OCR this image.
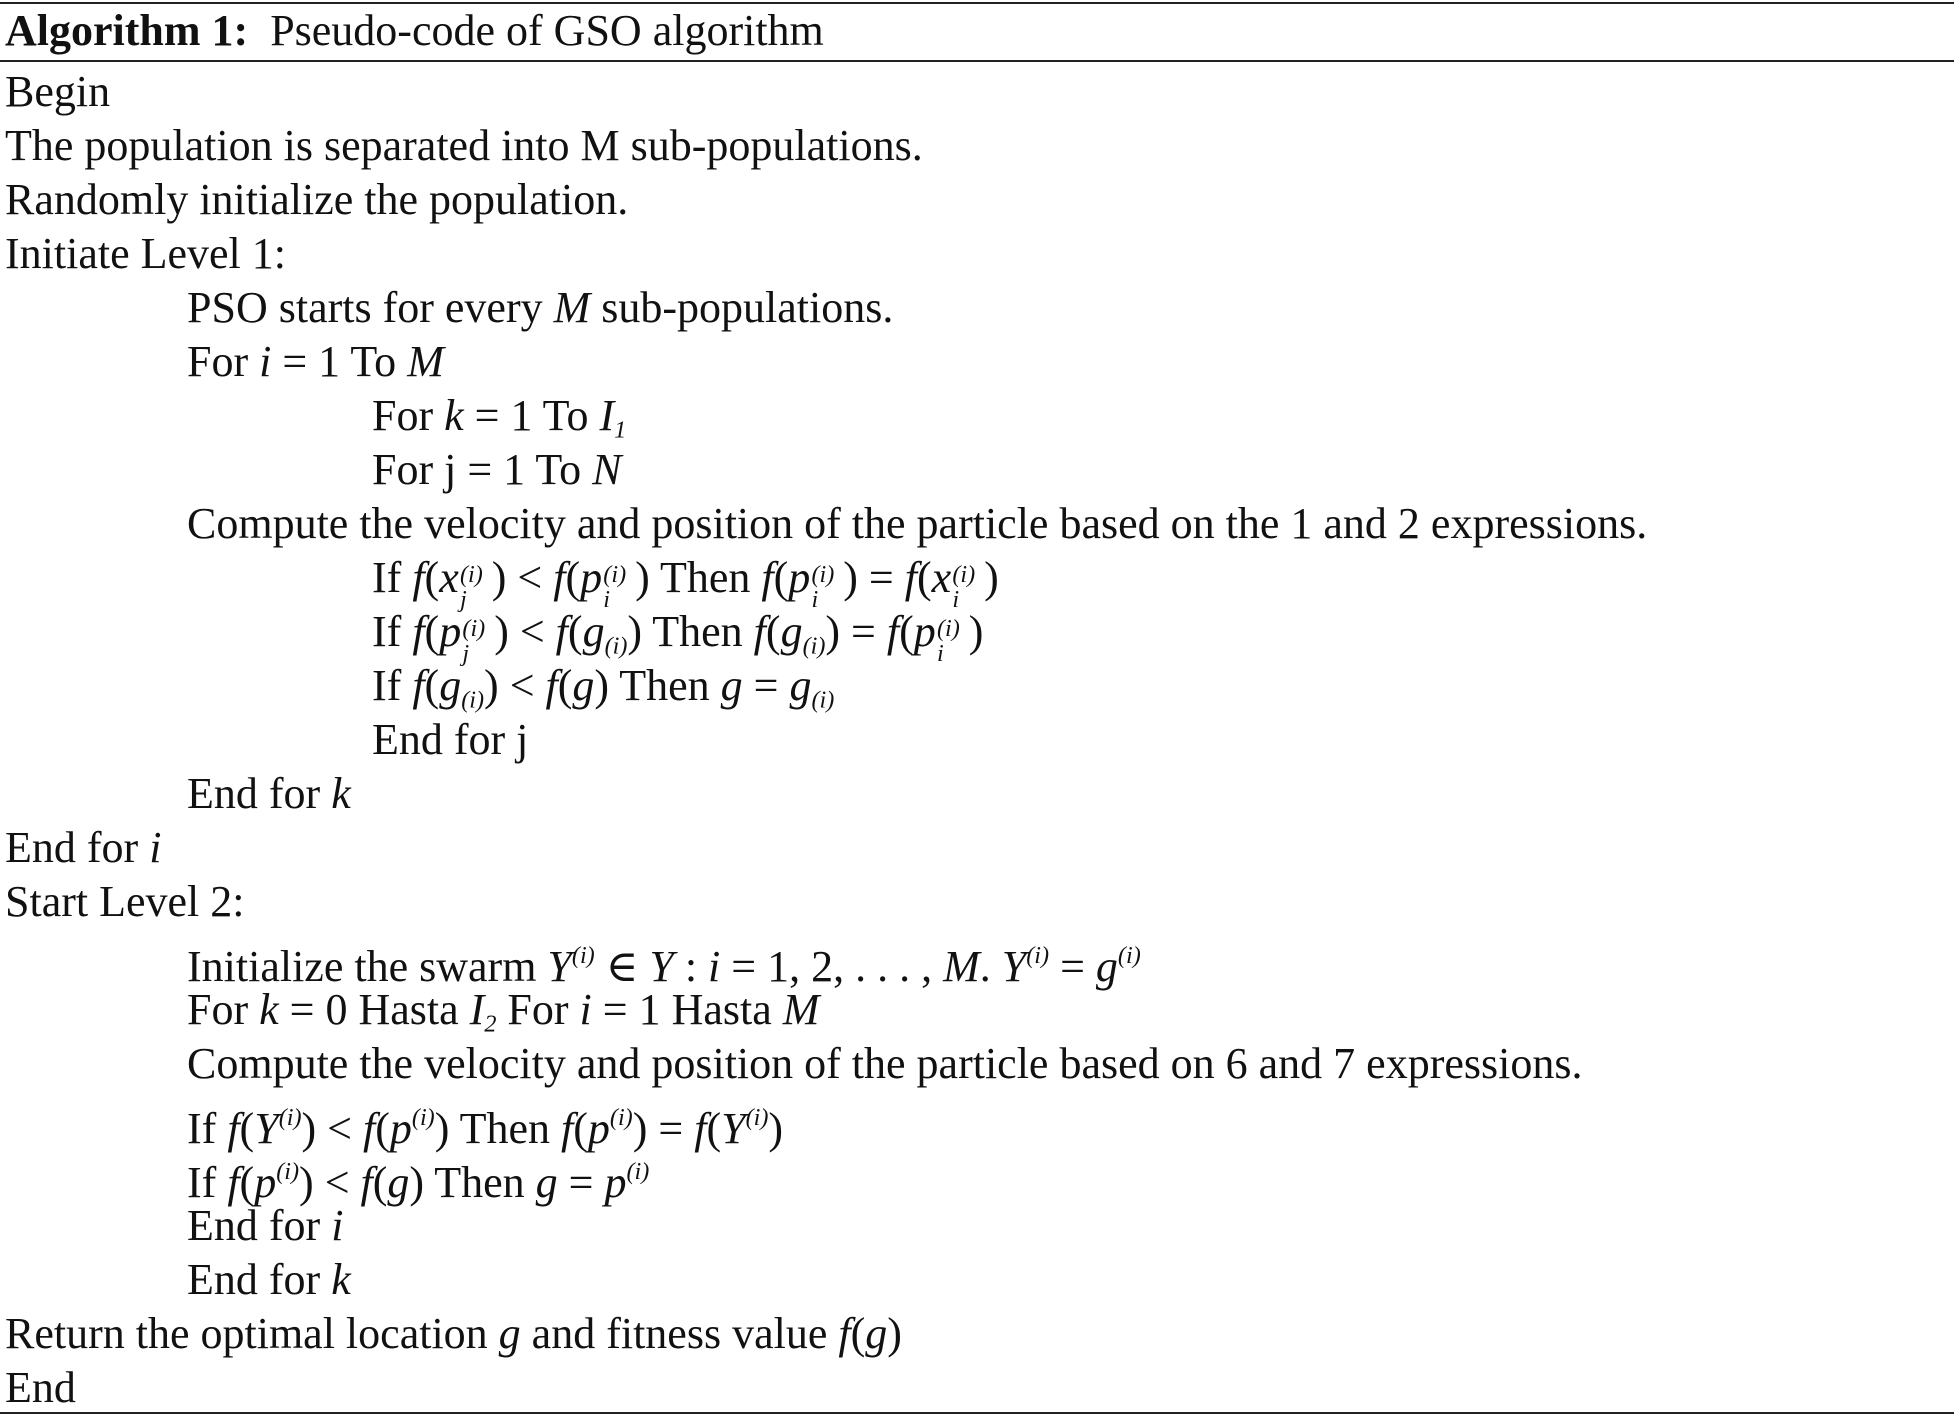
Algorithm 1: Pseudo-code of GSO algorithm
Begin
The population is separated into M sub-populations.
Randomly initialize the population.
Initiate Level 1:
PSO starts for every M sub-populations.
For i = 1 To M
For k = 1 To $I_1$
For j = 1 To N
Compute the velocity and position of the particle based on the 1 and 2 expressions.
If f(x (i)
j ) < f(p (i)
i ) Then f(p (i)
i ) = f(x (i)
i )
If f(p (i)
j ) < $f(g_{(i)})$ Then $f(g_{(i)}) = f(p$ (i)
i )
If $f(g_{(i)}) < f(g)$ Then $g = g_{(i)}$
End for j
End for k
End for i
Start Level 2:
Initialize the swarm $Y^{(i)}$ ∈ Y : i = 1, 2, . . . , M. $Y^{(i)} = g^{(i)}$
For k = 0 Hasta $I_2$ For i = 1 Hasta M
Compute the velocity and position of the particle based on 6 and 7 expressions.
If $f(Y^{(i)}) < f(p^{(i)})$ Then $f(p^{(i)}) = f(Y^{(i)})$
If $f(p^{(i)}) < f(g)$ Then $g = p^{(i)}$
End for i
End for k
Return the optimal location g and fitness value f(g)
End
